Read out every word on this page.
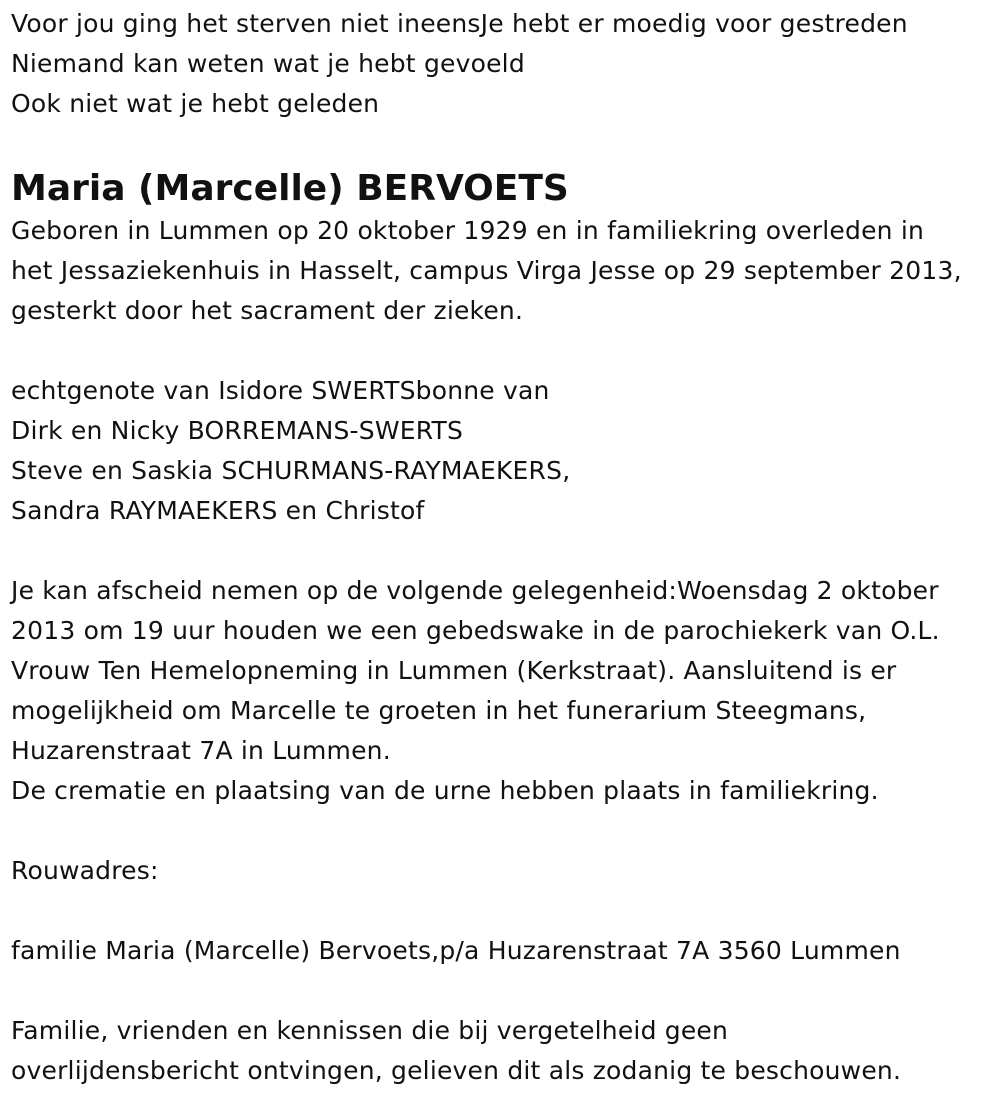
Voor jou ging het sterven niet ineensJe hebt er moedig voor gestreden
Niemand kan weten wat je hebt gevoeld
Ook niet wat je hebt geleden
Maria (Marcelle) BERVOETS
Geboren in Lummen op 20 oktober 1929 en in familiekring overleden in
het Jessaziekenhuis in Hasselt, campus Virga Jesse op 29 september 2013,
gesterkt door het sacrament der zieken.
echtgenote van Isidore SWERTSbonne van
Dirk en Nicky BORREMANS-SWERTS
Steve en Saskia SCHURMANS-RAYMAEKERS,
Sandra RAYMAEKERS en Christof
Je kan afscheid nemen op de volgende gelegenheid:Woensdag 2 oktober
2013 om 19 uur houden we een gebedswake in de parochiekerk van O.L.
Vrouw Ten Hemelopneming in Lummen (Kerkstraat). Aansluitend is er
mogelijkheid om Marcelle te groeten in het funerarium Steegmans,
Huzarenstraat 7A in Lummen.
De crematie en plaatsing van de urne hebben plaats in familiekring.
Rouwadres:
familie Maria (Marcelle) Bervoets,p/a Huzarenstraat 7A 3560 Lummen
Familie, vrienden en kennissen die bij vergetelheid geen
overlijdensbericht ontvingen, gelieven dit als zodanig te beschouwen.
